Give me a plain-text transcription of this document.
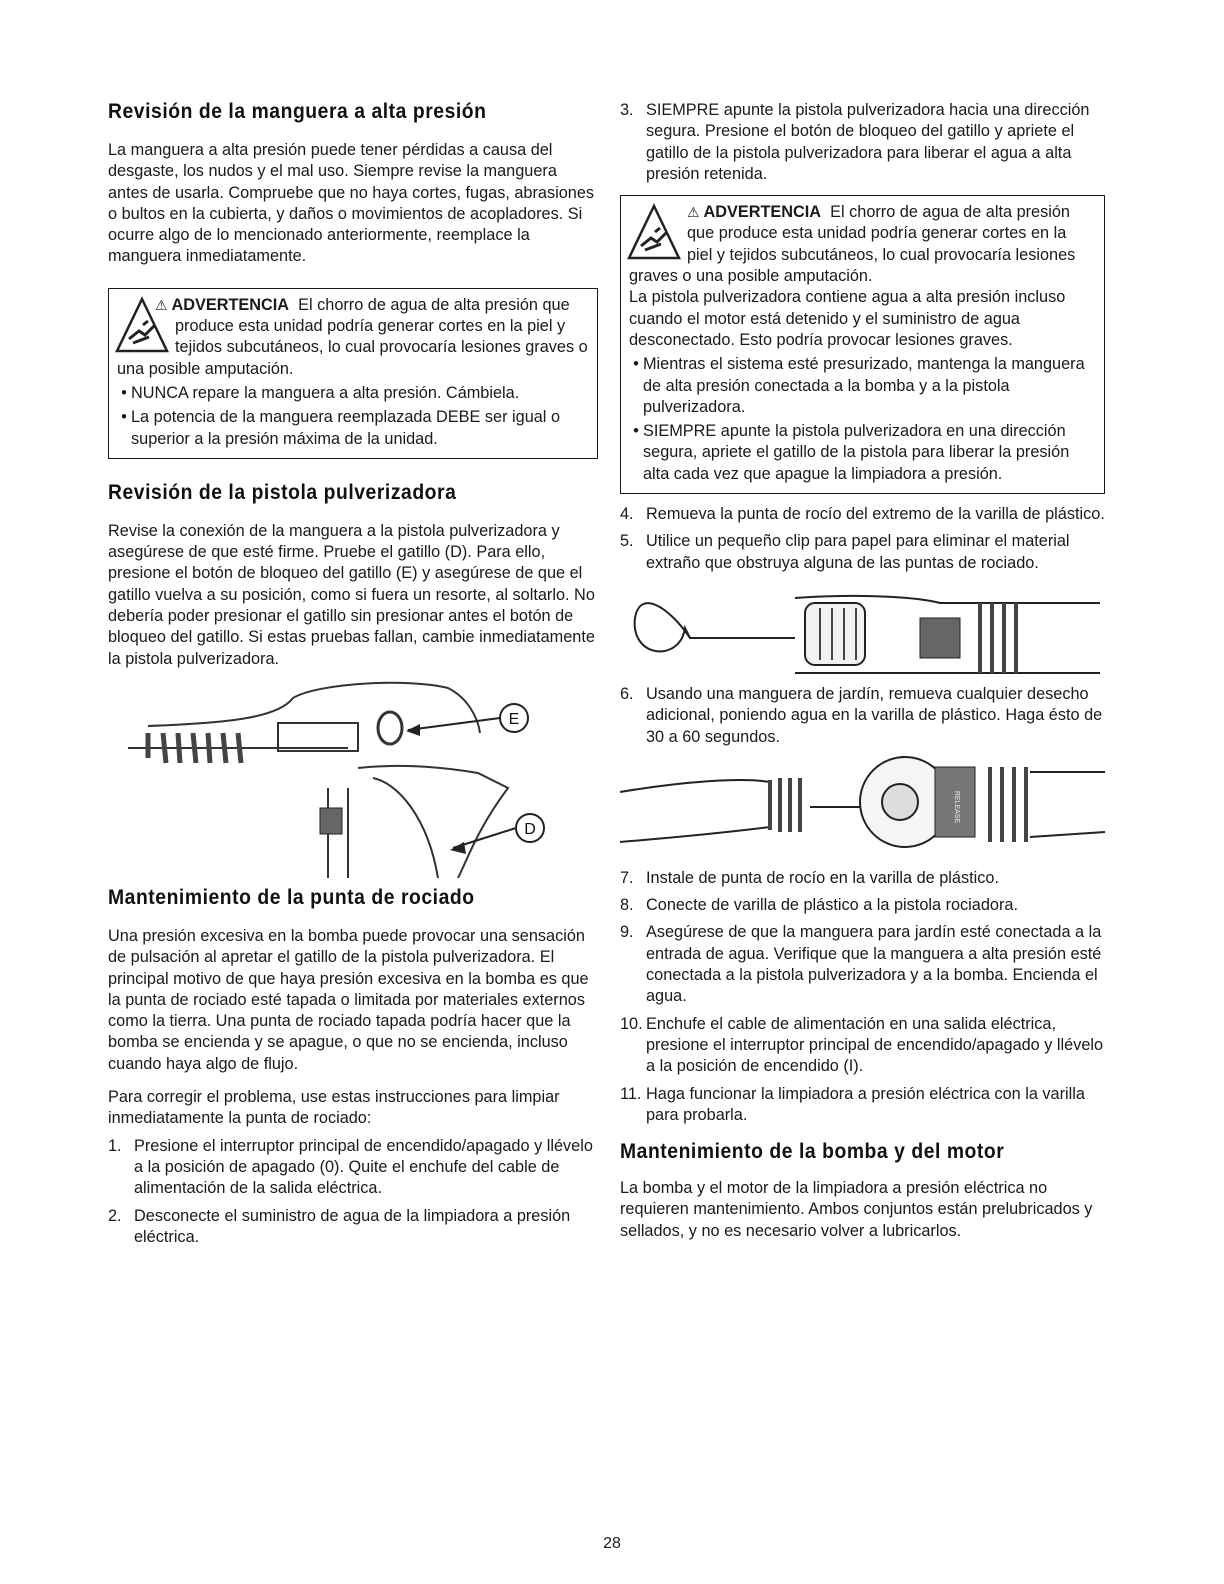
Revisión de la manguera a alta presión

La manguera a alta presión puede tener pérdidas a causa del desgaste, los nudos y el mal uso. Siempre revise la manguera antes de usarla. Compruebe que no haya cortes, fugas, abrasiones o bultos en la cubierta, y daños o movimientos de acopladores. Si ocurre algo de lo mencionado anteriormente, reemplace la manguera inmediatamente.

⚠ ADVERTENCIA El chorro de agua de alta presión que produce esta unidad podría generar cortes en la piel y tejidos subcutáneos, lo cual provocaría lesiones graves o una posible amputación.

• NUNCA repare la manguera a alta presión. Cámbiela.
• La potencia de la manguera reemplazada DEBE ser igual o superior a la presión máxima de la unidad.
Revisión de la pistola pulverizadora

Revise la conexión de la manguera a la pistola pulverizadora y asegúrese de que esté firme. Pruebe el gatillo (D). Para ello, presione el botón de bloqueo del gatillo (E) y asegúrese de que el gatillo vuelva a su posición, como si fuera un resorte, al soltarlo. No debería poder presionar el gatillo sin presionar antes el botón de bloqueo del gatillo. Si estas pruebas fallan, cambie inmediatamente la pistola pulverizadora.

E
D
Mantenimiento de la punta de rociado

Una presión excesiva en la bomba puede provocar una sensación de pulsación al apretar el gatillo de la pistola pulverizadora. El principal motivo de que haya presión excesiva en la bomba es que la punta de rociado esté tapada o limitada por materiales externos como la tierra. Una punta de rociado tapada podría hacer que la bomba se encienda y se apague, o que no se encienda, incluso cuando haya algo de flujo.

Para corregir el problema, use estas instrucciones para limpiar inmediatamente la punta de rociado:

1. Presione el interruptor principal de encendido/apagado y llévelo a la posición de apagado (0). Quite el enchufe del cable de alimentación de la salida eléctrica.
2. Desconecte el suministro de agua de la limpiadora a presión eléctrica.
3. SIEMPRE apunte la pistola pulverizadora hacia una dirección segura. Presione el botón de bloqueo del gatillo y apriete el gatillo de la pistola pulverizadora para liberar el agua a alta presión retenida.

⚠ ADVERTENCIA El chorro de agua de alta presión que produce esta unidad podría generar cortes en la piel y tejidos subcutáneos, lo cual provocaría lesiones graves o una posible amputación.

La pistola pulverizadora contiene agua a alta presión incluso cuando el motor está detenido y el suministro de agua desconectado. Esto podría provocar lesiones graves.

• Mientras el sistema esté presurizado, mantenga la manguera de alta presión conectada a la bomba y a la pistola pulverizadora.
• SIEMPRE apunte la pistola pulverizadora en una dirección segura, apriete el gatillo de la pistola para liberar la presión alta cada vez que apague la limpiadora a presión.
4. Remueva la punta de rocío del extremo de la varilla de plástico.
5. Utilice un pequeño clip para papel para eliminar el material extraño que obstruya alguna de las puntas de rociado.
6. Usando una manguera de jardín, remueva cualquier desecho adicional, poniendo agua en la varilla de plástico. Haga ésto de 30 a 60 segundos.
RELEASE
7. Instale de punta de rocío en la varilla de plástico.
8. Conecte de varilla de plástico a la pistola rociadora.
9. Asegúrese de que la manguera para jardín esté conectada a la entrada de agua. Verifique que la manguera a alta presión esté conectada a la pistola pulverizadora y a la bomba. Encienda el agua.
10. Enchufe el cable de alimentación en una salida eléctrica, presione el interruptor principal de encendido/apagado y llévelo a la posición de encendido (I).
11. Haga funcionar la limpiadora a presión eléctrica con la varilla para probarla.
Mantenimiento de la bomba y del motor

La bomba y el motor de la limpiadora a presión eléctrica no requieren mantenimiento. Ambos conjuntos están prelubricados y sellados, y no es necesario volver a lubricarlos.

28
